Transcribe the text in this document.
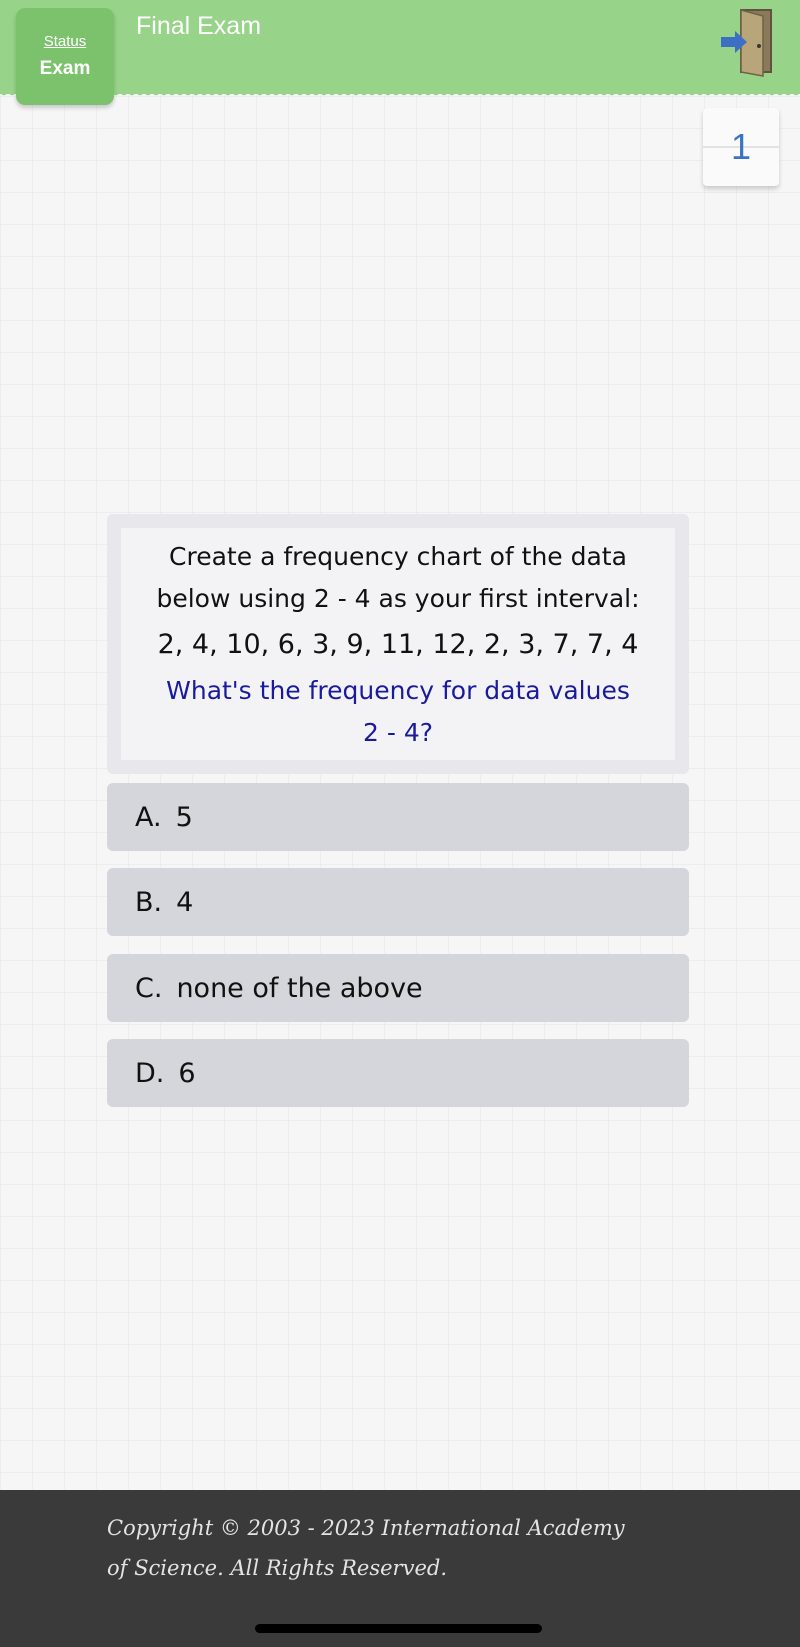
Status
Exam
Final Exam
1
Create a frequency chart of the data
below using 2 - 4 as your first interval:
2, 4, 10, 6, 3, 9, 11, 12, 2, 3, 7, 7, 4
What's the frequency for data values
2 - 4?
A. 5
B. 4
C. none of the above
D. 6
Copyright © 2003 - 2023 International Academy
of Science. All Rights Reserved.
